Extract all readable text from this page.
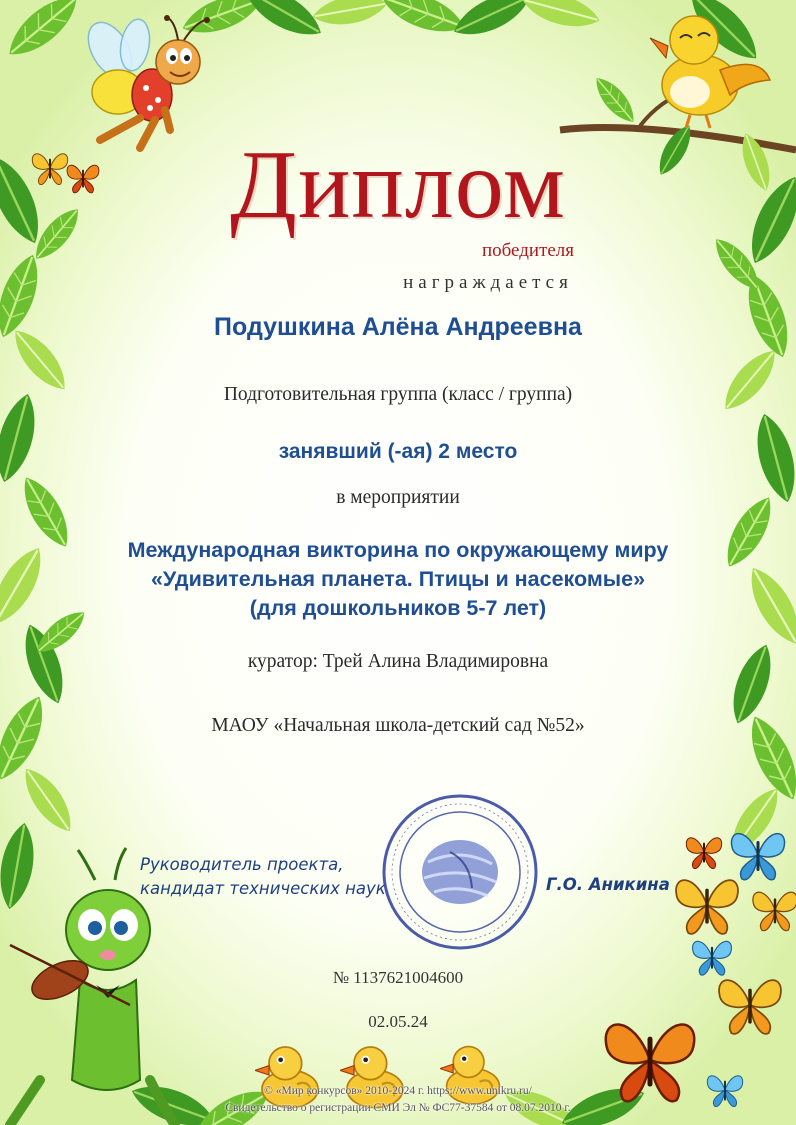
Диплом
победителя
награждается
Подушкина Алёна Андреевна
Подготовительная группа (класс / группа)
занявший (-ая) 2 место
в мероприятии
Международная викторина по окружающему миру
«Удивительная планета. Птицы и насекомые»
(для дошкольников 5-7 лет)
куратор: Трей Алина Владимировна
МАОУ «Начальная школа-детский сад №52»
Руководитель проекта,
кандидат технических наук	Г.О. Аникина
№ 1137621004600
02.05.24
© «Мир конкурсов» 2010-2024 г. https://www.unikru.ru/
Свидетельство о регистрации СМИ Эл № ФС77-37584 от 08.07.2010 г.
